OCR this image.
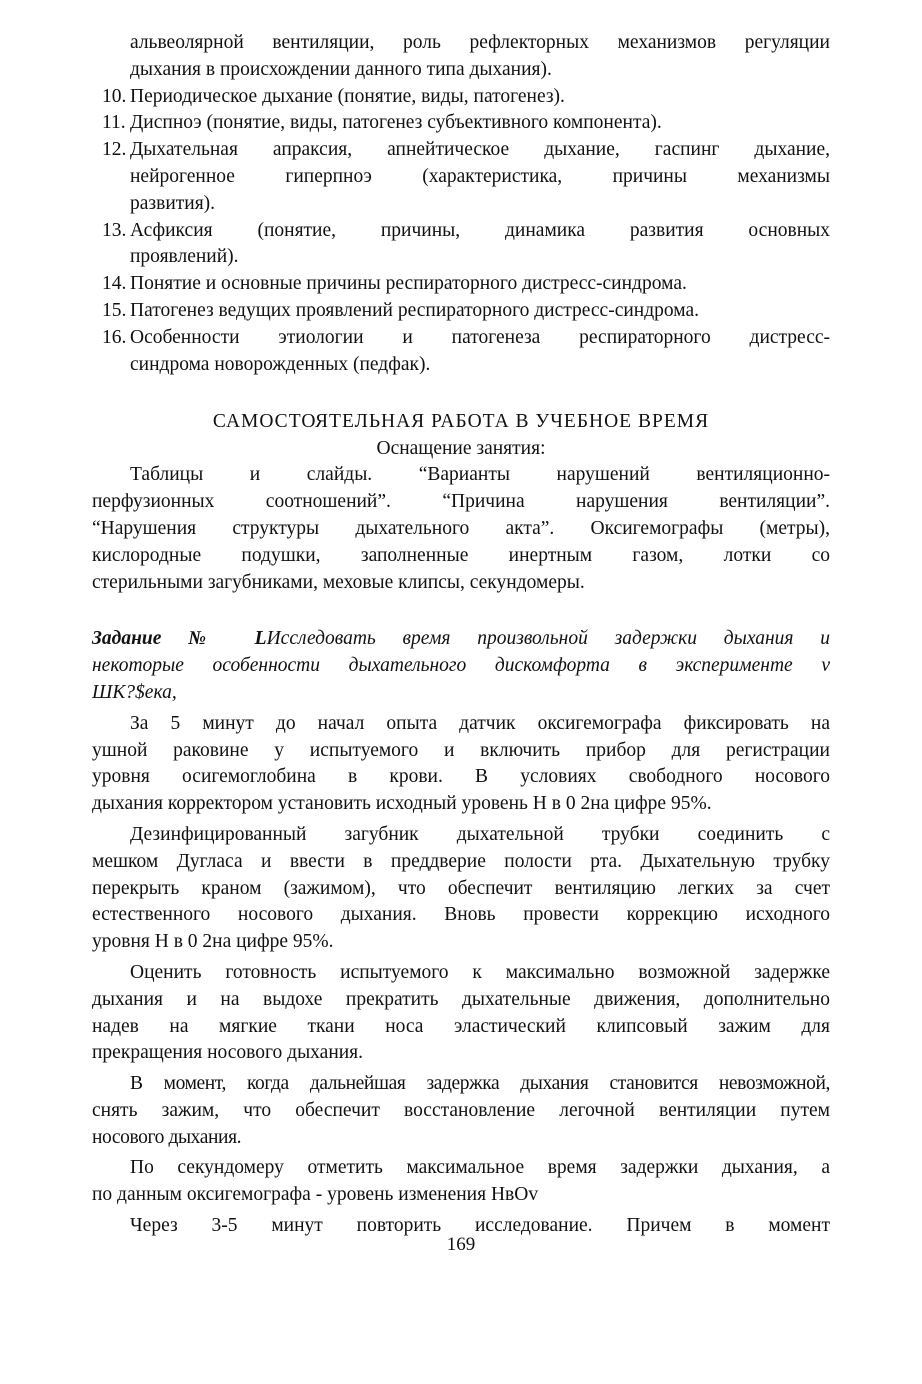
альвеолярной вентиляции, роль рефлекторных механизмов регуляции
дыхания в происхождении данного типа дыхания).
10. Периодическое дыхание (понятие, виды, патогенез).
11. Диспноэ (понятие, виды, патогенез субъективного компонента).
12. Дыхательная апраксия, апнейтическое дыхание, гаспинг дыхание,
нейрогенное гиперпноэ (характеристика, причины механизмы
развития).
13. Асфиксия (понятие, причины, динамика развития основных
проявлений).
14. Понятие и основные причины респираторного дистресс-синдрома.
15. Патогенез ведущих проявлений респираторного дистресс-синдрома.
16. Особенности этиологии и патогенеза респираторного дистресс-
синдрома новорожденных (педфак).
САМОСТОЯТЕЛЬНАЯ РАБОТА В УЧЕБНОЕ ВРЕМЯ
Оснащение занятия:
Таблицы и слайды. “Варианты нарушений вентиляционно-
перфузионных соотношений”. “Причина нарушения вентиляции”.
“Нарушения структуры дыхательного акта”. Оксигемографы (метры),
кислородные подушки, заполненные инертным газом, лотки со
стерильными загубниками, меховые клипсы, секундомеры.
Задание № LИсследовать время произвольной задержки дыхания и
некоторые особенности дыхательного дискомфорта в эксперименте v
ШК?$ека,
За 5 минут до начал опыта датчик оксигемографа фиксировать на
ушной раковине у испытуемого и включить прибор для регистрации
уровня осигемоглобина в крови. В условиях свободного носового
дыхания корректором установить исходный уровень Н в 0 2на цифре 95%.
Дезинфицированный загубник дыхательной трубки соединить с
мешком Дугласа и ввести в преддверие полости рта. Дыхательную трубку
перекрыть краном (зажимом), что обеспечит вентиляцию легких за счет
естественного носового дыхания. Вновь провести коррекцию исходного
уровня Н в 0 2на цифре 95%.
Оценить готовность испытуемого к максимально возможной задержке
дыхания и на выдохе прекратить дыхательные движения, дополнительно
надев на мягкие ткани носа эластический клипсовый зажим для
прекращения носового дыхания.
В момент, когда дальнейшая задержка дыхания становится невозможной,
снять зажим, что обеспечит восстановление легочной вентиляции путем
носового дыхания.
По секундомеру отметить максимальное время задержки дыхания, а
по данным оксигемографа - уровень изменения НвОv
Через 3-5 минут повторить исследование. Причем в момент
169
